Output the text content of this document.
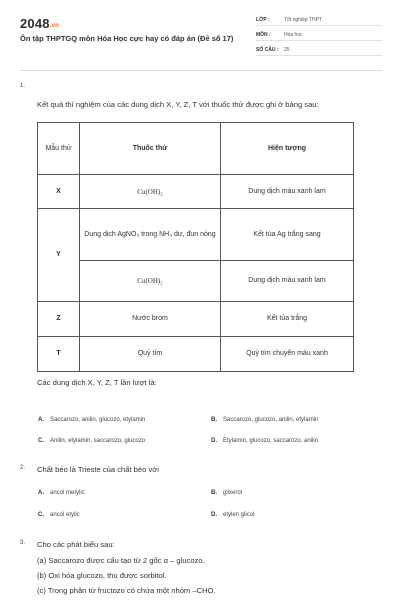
2048.vn
Ôn tập THPTGQ môn Hóa Học cực hay có đáp án (Đề số 17)
LỚP :	Tốt nghiệp THPT
MÔN :	Hóa học
SỐ CÂU :	25
1.
Kết quả thí nghiệm của các dung dịch X, Y, Z, T với thuốc thử được ghi ở bảng sau:
Mẫu thử	Thuốc thử	Hiện tượng
X	Cu(OH)₂	Dung dịch màu xanh lam
Y	Dung dịch AgNO₃ trong NH₃ dư, đun nóng	Kết tủa Ag trắng sang
	Cu(OH)₂	Dung dịch màu xanh lam
Z	Nước brom	Kết tủa trắng
T	Quỳ tím	Quỳ tím chuyển màu xanh
Các dung dịch X, Y, Z, T lần lượt là:
A. Saccarozo, anilin, glucozo, etylamin	B. Saccarozo, glucozo, anilin, etylamin
C. Anilin, etylamin, saccarozo, glucozo	D. Etylamin, glucozo, saccarozo, anilin
2. Chất béo là Trieste của chất béo với
A. ancol metylic	B. glixerol
C. ancol etylic	D. etylen glicol
3. Cho các phát biểu sau:
(a) Saccarozo được cấu tạo từ 2 gốc α – glucozo.
(b) Oxi hóa glucozo, thu được sorbitol.
(c) Trong phân tử fructozo có chứa một nhóm –CHO.
